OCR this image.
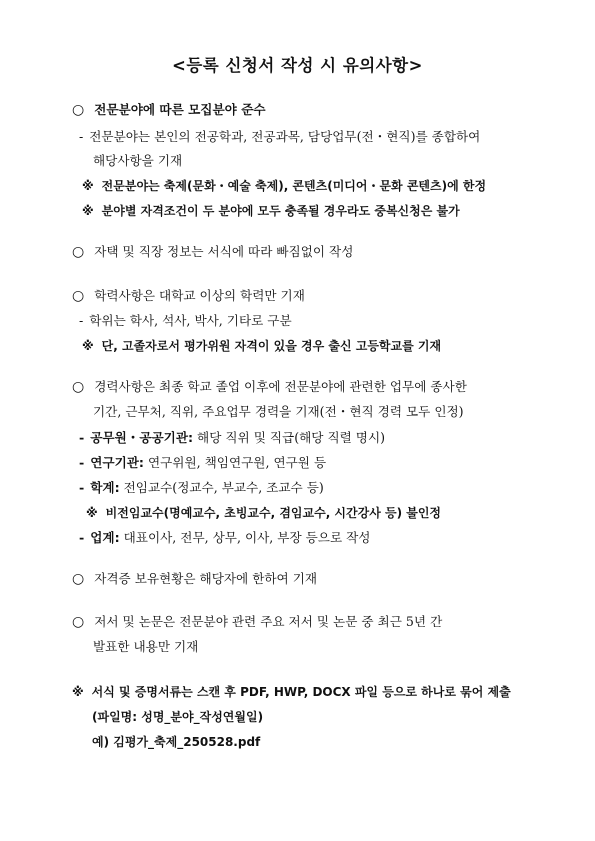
<등록 신청서 작성 시 유의사항>
○ 전문분야에 따른 모집분야 준수
- 전문분야는 본인의 전공학과, 전공과목, 담당업무(전・현직)를 종합하여
해당사항을 기재
※ 전문분야는 축제(문화・예술 축제), 콘텐츠(미디어・문화 콘텐츠)에 한정
※ 분야별 자격조건이 두 분야에 모두 충족될 경우라도 중복신청은 불가
○ 자택 및 직장 정보는 서식에 따라 빠짐없이 작성
○ 학력사항은 대학교 이상의 학력만 기재
- 학위는 학사, 석사, 박사, 기타로 구분
※ 단, 고졸자로서 평가위원 자격이 있을 경우 출신 고등학교를 기재
○ 경력사항은 최종 학교 졸업 이후에 전문분야에 관련한 업무에 종사한
기간, 근무처, 직위, 주요업무 경력을 기재(전・현직 경력 모두 인정)
- 공무원・공공기관: 해당 직위 및 직급(해당 직렬 명시)
- 연구기관: 연구위원, 책임연구원, 연구원 등
- 학계: 전임교수(정교수, 부교수, 조교수 등)
※ 비전임교수(명예교수, 초빙교수, 겸임교수, 시간강사 등) 불인정
- 업계: 대표이사, 전무, 상무, 이사, 부장 등으로 작성
○ 자격증 보유현황은 해당자에 한하여 기재
○ 저서 및 논문은 전문분야 관련 주요 저서 및 논문 중 최근 5년 간
발표한 내용만 기재
※ 서식 및 증명서류는 스캔 후 PDF, HWP, DOCX 파일 등으로 하나로 묶어 제출
(파일명: 성명_분야_작성연월일)
예) 김평가_축제_250528.pdf
